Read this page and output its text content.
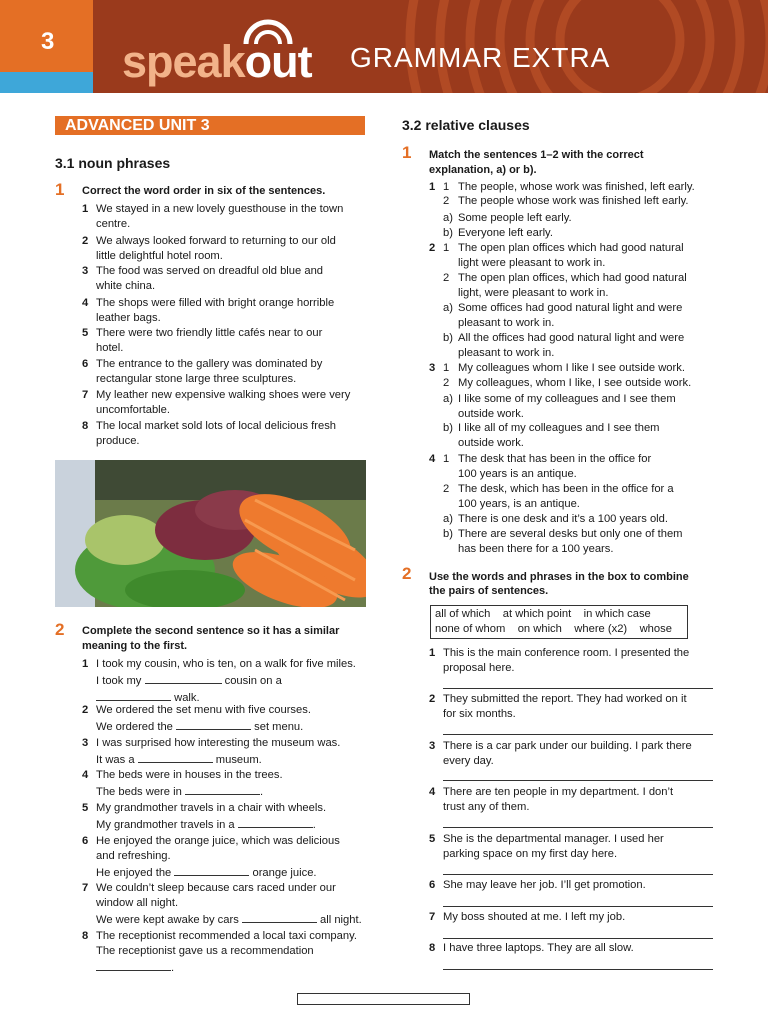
3 speakout GRAMMAR EXTRA
ADVANCED UNIT 3
3.1 noun phrases
1 Correct the word order in six of the sentences.
1 We stayed in a new lovely guesthouse in the town
centre.
2 We always looked forward to returning to our old
little delightful hotel room.
3 The food was served on dreadful old blue and
white china.
4 The shops were filled with bright orange horrible
leather bags.
5 There were two friendly little cafés near to our
hotel.
6 The entrance to the gallery was dominated by
rectangular stone large three sculptures.
7 My leather new expensive walking shoes were very
uncomfortable.
8 The local market sold lots of local delicious fresh
produce.
2 Complete the second sentence so it has a similar
meaning to the first.
1 I took my cousin, who is ten, on a walk for five miles.
I took my	cousin on a
walk.
2 We ordered the set menu with five courses.
We ordered the	set menu.
3 I was surprised how interesting the museum was.
It was a	museum.
4 The beds were in houses in the trees.
The beds were in	.
5 My grandmother travels in a chair with wheels.
My grandmother travels in a	.
6 He enjoyed the orange juice, which was delicious
and refreshing.
He enjoyed the	orange juice.
7 We couldn’t sleep because cars raced under our
window all night.
We were kept awake by cars	all night.
8 The receptionist recommended a local taxi company.
The receptionist gave us a recommendation
.
3.2 relative clauses
1 Match the sentences 1–2 with the correct
explanation, a) or b).
1 1 The people, whose work was finished, left early.
2 The people whose work was finished left early.
a) Some people left early.
b) Everyone left early.
2 1 The open plan offices which had good natural
light were pleasant to work in.
2 The open plan offices, which had good natural
light, were pleasant to work in.
a) Some offices had good natural light and were
pleasant to work in.
b) All the offices had good natural light and were
pleasant to work in.
3 1 My colleagues whom I like I see outside work.
2 My colleagues, whom I like, I see outside work.
a) I like some of my colleagues and I see them
outside work.
b) I like all of my colleagues and I see them
outside work.
4 1 The desk that has been in the office for
100 years is an antique.
2 The desk, which has been in the office for a
100 years, is an antique.
a) There is one desk and it’s a 100 years old.
b) There are several desks but only one of them
has been there for a 100 years.
2 Use the words and phrases in the box to combine
the pairs of sentences.
all of which    at which point    in which case
none of whom    on which    where (x2)    whose
1 This is the main conference room. I presented the
proposal here.
2 They submitted the report. They had worked on it
for six months.
3 There is a car park under our building. I park there
every day.
4 There are ten people in my department. I don’t
trust any of them.
5 She is the departmental manager. I used her
parking space on my first day here.
6 She may leave her job. I’ll get promotion.
7 My boss shouted at me. I left my job.
8 I have three laptops. They are all slow.
